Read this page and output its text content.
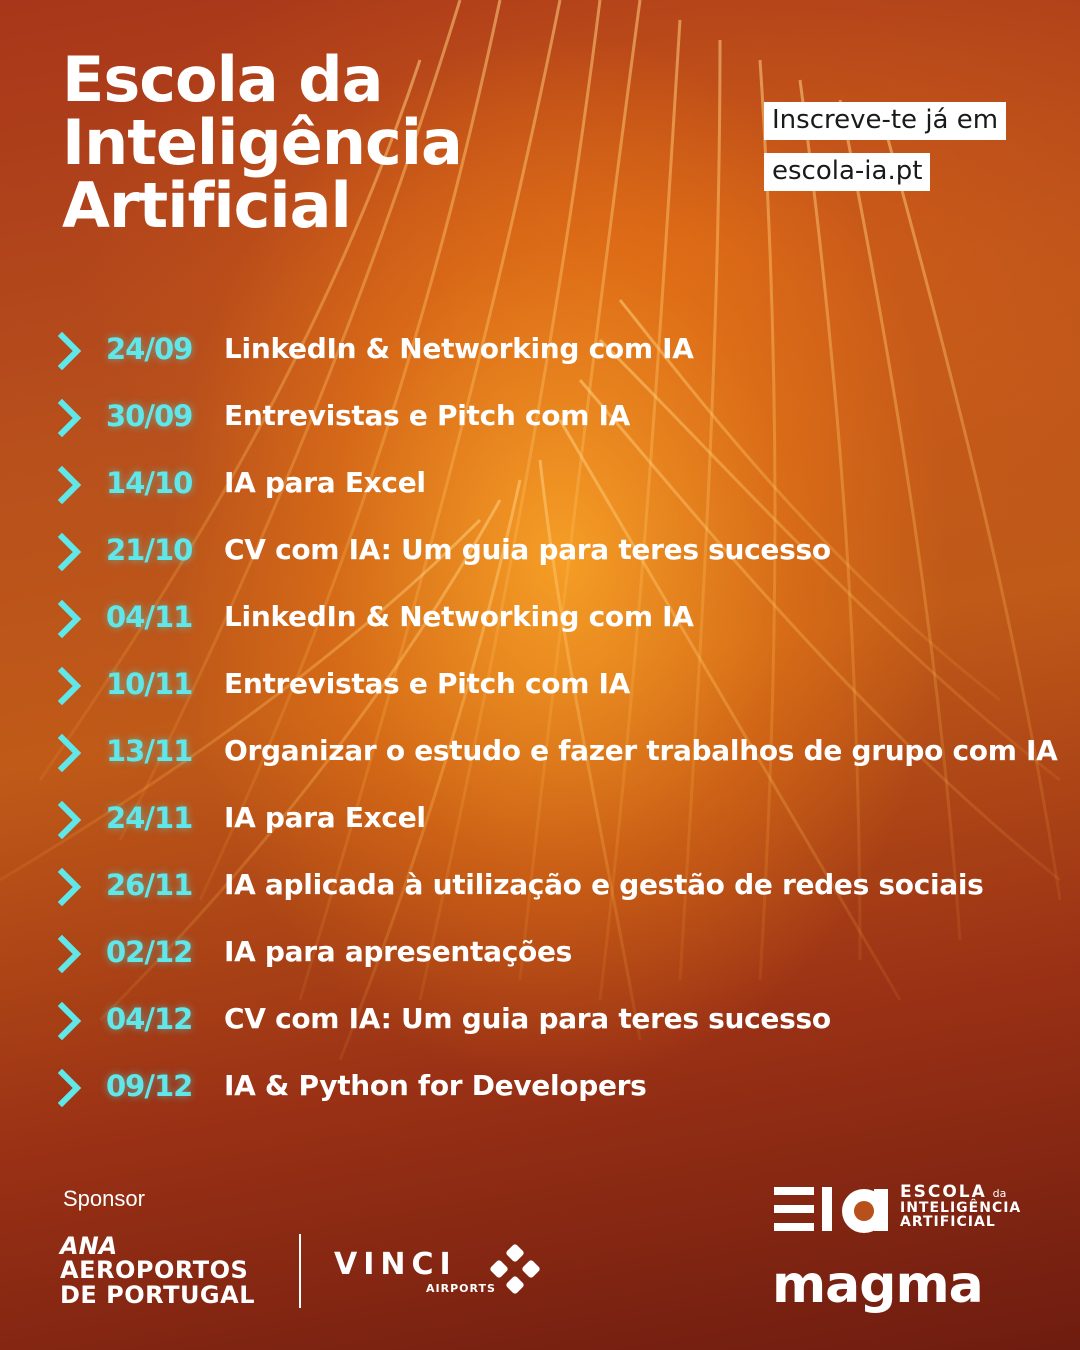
Escola da
Inteligência
Artificial
Inscreve-te já em
escola-ia.pt
24/09 LinkedIn & Networking com IA
30/09 Entrevistas e Pitch com IA
14/10 IA para Excel
21/10 CV com IA: Um guia para teres sucesso
04/11 LinkedIn & Networking com IA
10/11 Entrevistas e Pitch com IA
13/11 Organizar o estudo e fazer trabalhos de grupo com IA
24/11 IA para Excel
26/11 IA aplicada à utilização e gestão de redes sociais
02/12 IA para apresentações
04/12 CV com IA: Um guia para teres sucesso
09/12 IA & Python for Developers
Sponsor
ANA
AEROPORTOS
DE PORTUGAL
VINCI
AIRPORTS
ESCOLA da
INTELIGÊNCIA
ARTIFICIAL
magma
